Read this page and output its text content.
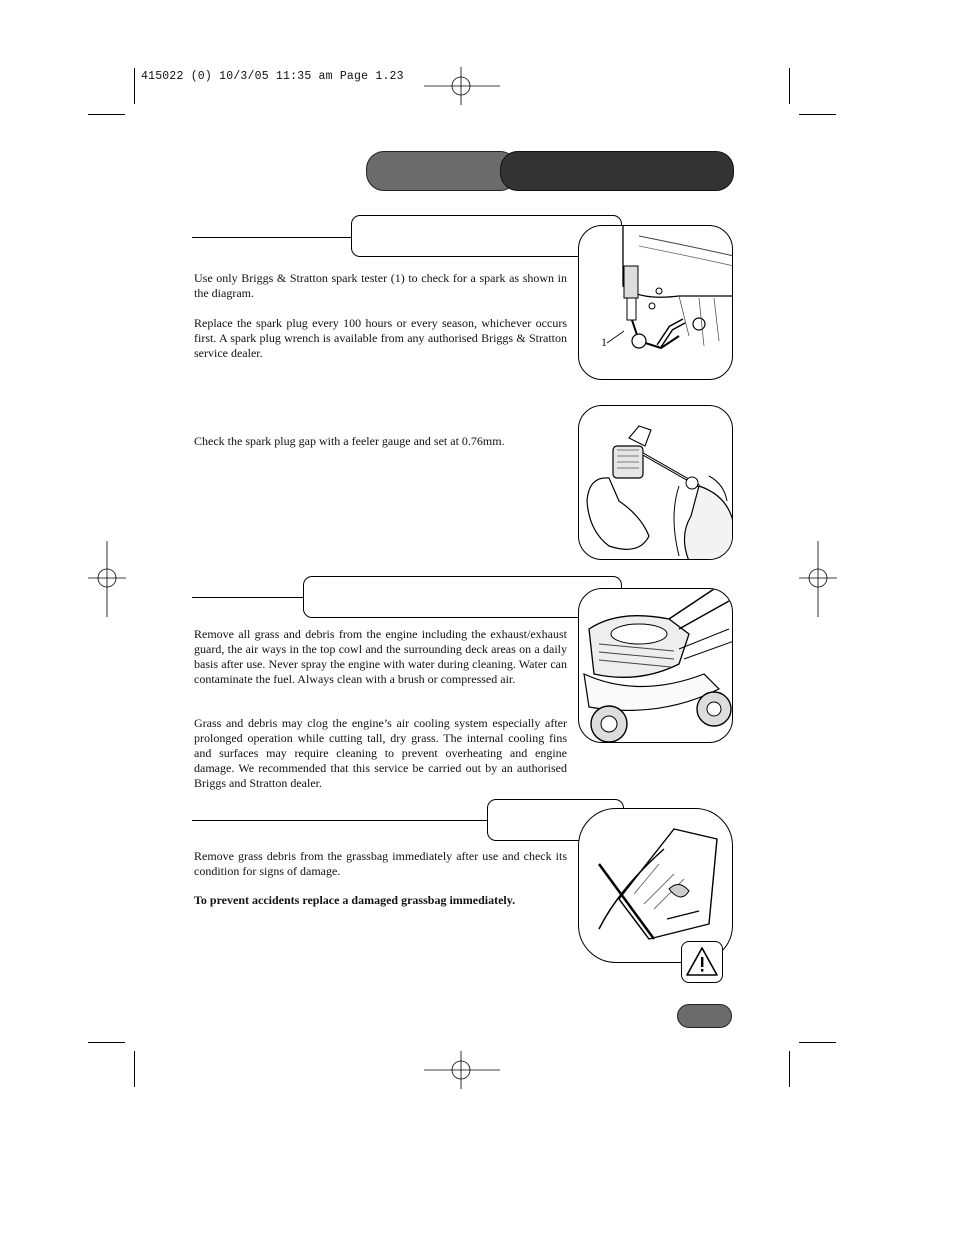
415022 (0) 10/3/05 11:35 am Page 1.23

Use only Briggs & Stratton spark tester (1) to check for a spark as shown in the diagram.

Replace the spark plug every 100 hours or every season, whichever occurs first. A spark plug wrench is available from any authorised Briggs & Stratton service dealer.

1

Check the spark plug gap with a feeler gauge and set at 0.76mm.

Remove all grass and debris from the engine including the exhaust/exhaust guard, the air ways in the top cowl and the surrounding deck areas on a daily basis after use. Never spray the engine with water during cleaning. Water can contaminate the fuel. Always clean with a brush or compressed air.

Grass and debris may clog the engine’s air cooling system especially after prolonged operation while cutting tall, dry grass. The internal cooling fins and surfaces may require cleaning to prevent overheating and engine damage. We recommended that this service be carried out by an authorised Briggs and Stratton dealer.

Remove grass debris from the grassbag immediately after use and check its condition for signs of damage.

To prevent accidents replace a damaged grassbag immediately.
